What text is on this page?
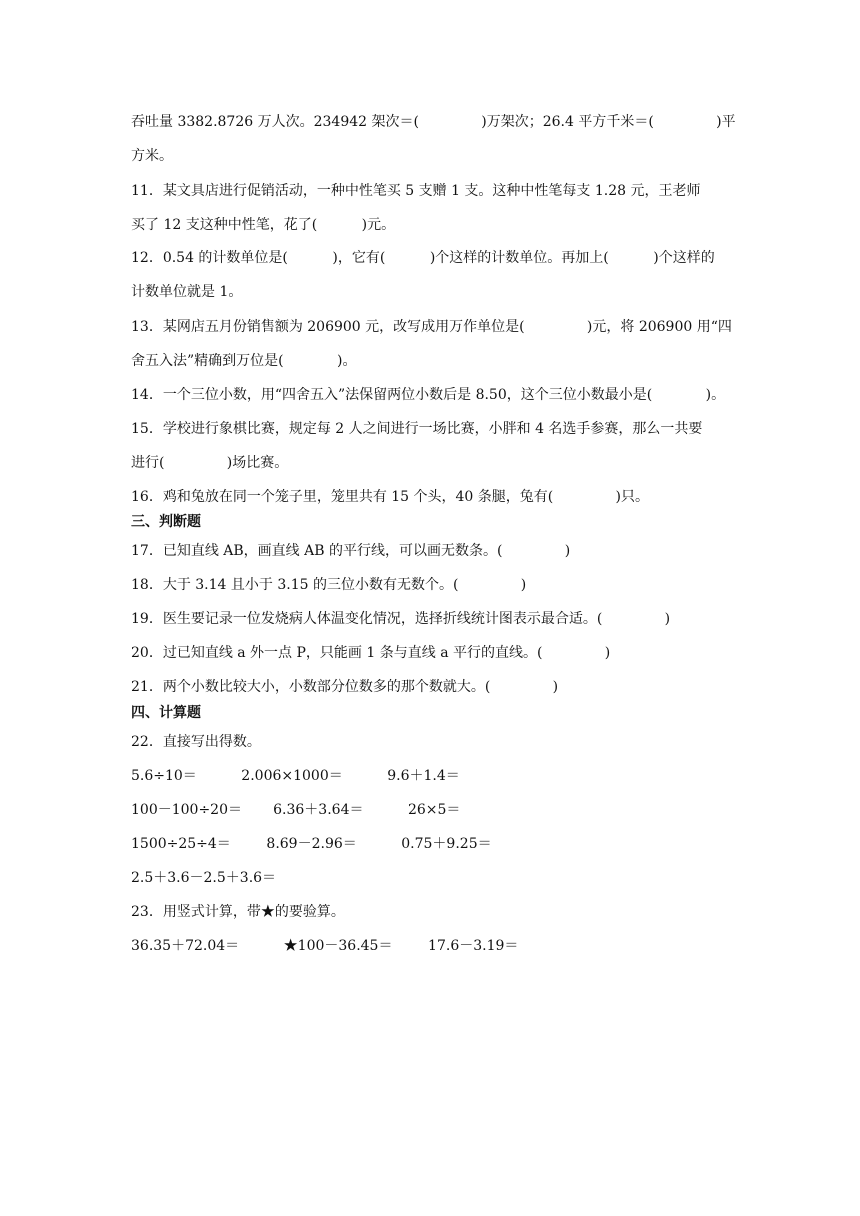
吞吐量 3382.8726 万人次。234942 架次＝(              )万架次；26.4 平方千米＝(              )平
方米。
11．某文具店进行促销活动，一种中性笔买 5 支赠 1 支。这种中性笔每支 1.28 元，王老师
买了 12 支这种中性笔，花了(          )元。
12．0.54 的计数单位是(          )，它有(          )个这样的计数单位。再加上(          )个这样的
计数单位就是 1。
13．某网店五月份销售额为 206900 元，改写成用万作单位是(              )元，将 206900 用“四
舍五入法”精确到万位是(            )。
14．一个三位小数，用“四舍五入”法保留两位小数后是 8.50，这个三位小数最小是(            )。
15．学校进行象棋比赛，规定每 2 人之间进行一场比赛，小胖和 4 名选手参赛，那么一共要
进行(              )场比赛。
16．鸡和兔放在同一个笼子里，笼里共有 15 个头，40 条腿，兔有(              )只。
三、判断题
17．已知直线 AB，画直线 AB 的平行线，可以画无数条。(              )
18．大于 3.14 且小于 3.15 的三位小数有无数个。(              )
19．医生要记录一位发烧病人体温变化情况，选择折线统计图表示最合适。(              )
20．过已知直线 a 外一点 P，只能画 1 条与直线 a 平行的直线。(              )
21．两个小数比较大小，小数部分位数多的那个数就大。(              )
四、计算题
22．直接写出得数。
5.6÷10＝          2.006×1000＝          9.6＋1.4＝
100－100÷20＝       6.36＋3.64＝          26×5＝
1500÷25÷4＝        8.69－2.96＝          0.75＋9.25＝
2.5＋3.6－2.5＋3.6＝
23．用竖式计算，带★的要验算。
36.35＋72.04＝          ★100－36.45＝        17.6－3.19＝
